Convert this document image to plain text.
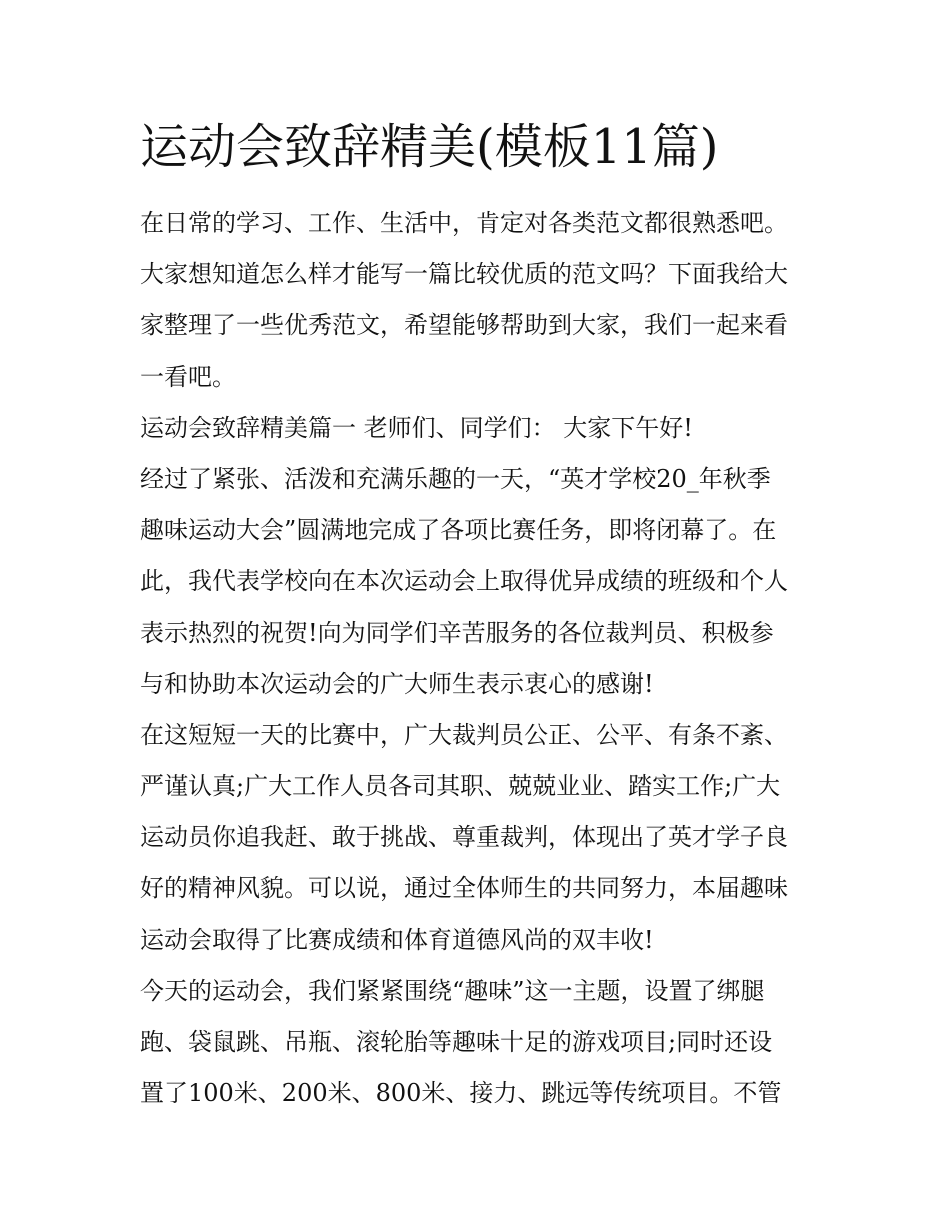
运动会致辞精美(模板11篇)
在日常的学习、工作、生活中，肯定对各类范文都很熟悉吧。
大家想知道怎么样才能写一篇比较优质的范文吗？下面我给大
家整理了一些优秀范文，希望能够帮助到大家，我们一起来看
一看吧。
运动会致辞精美篇一 老师们、同学们： 大家下午好!
经过了紧张、活泼和充满乐趣的一天，“英才学校20_年秋季
趣味运动大会”圆满地完成了各项比赛任务，即将闭幕了。在
此，我代表学校向在本次运动会上取得优异成绩的班级和个人
表示热烈的祝贺!向为同学们辛苦服务的各位裁判员、积极参
与和协助本次运动会的广大师生表示衷心的感谢!
在这短短一天的比赛中，广大裁判员公正、公平、有条不紊、
严谨认真;广大工作人员各司其职、兢兢业业、踏实工作;广大
运动员你追我赶、敢于挑战、尊重裁判，体现出了英才学子良
好的精神风貌。可以说，通过全体师生的共同努力，本届趣味
运动会取得了比赛成绩和体育道德风尚的双丰收!
今天的运动会，我们紧紧围绕“趣味”这一主题，设置了绑腿
跑、袋鼠跳、吊瓶、滚轮胎等趣味十足的游戏项目;同时还设
置了100米、200米、800米、接力、跳远等传统项目。不管
